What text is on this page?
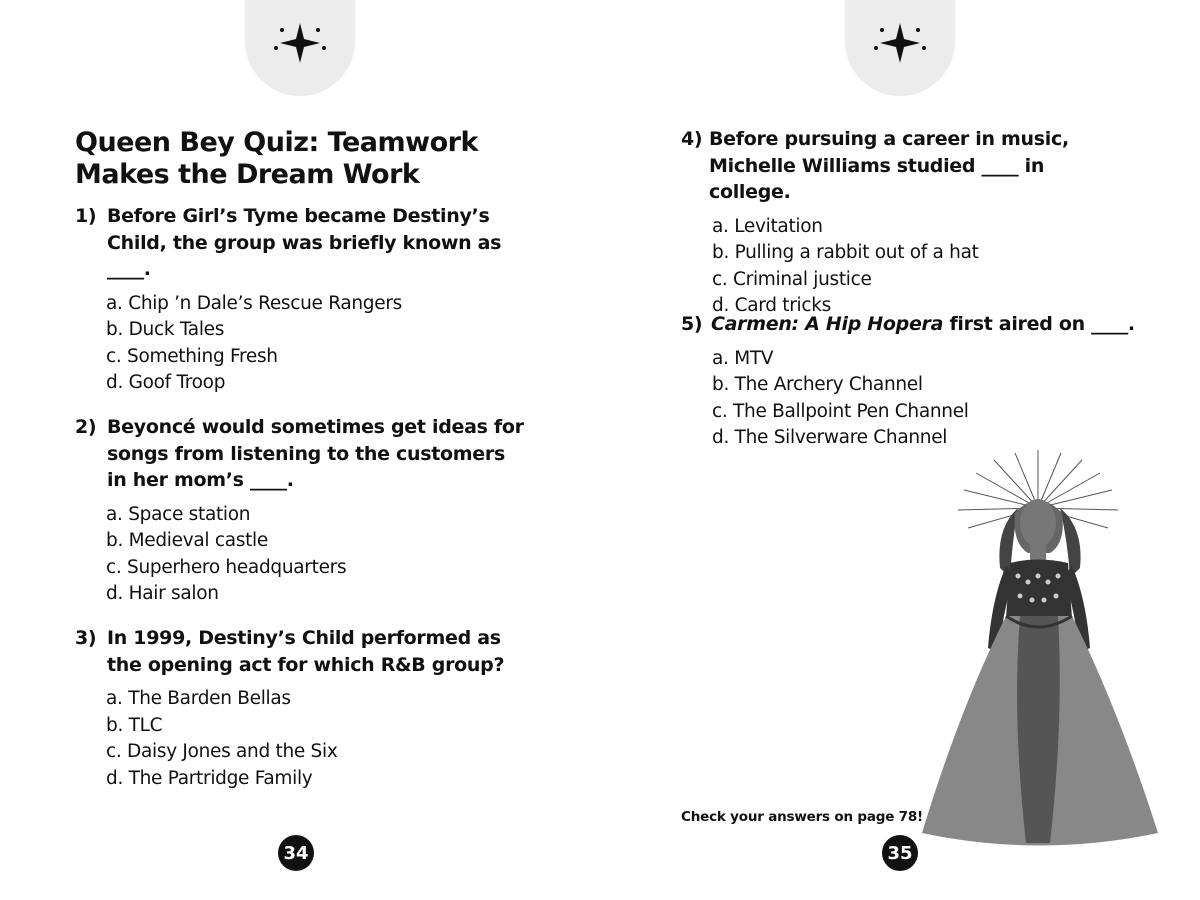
Queen Bey Quiz: Teamwork Makes the Dream Work
1) Before Girl’s Tyme became Destiny’s Child, the group was briefly known as ____.
a. Chip ’n Dale’s Rescue Rangers
b. Duck Tales
c. Something Fresh
d. Goof Troop
2) Beyoncé would sometimes get ideas for songs from listening to the customers in her mom’s ____.
a. Space station
b. Medieval castle
c. Superhero headquarters
d. Hair salon
3) In 1999, Destiny’s Child performed as the opening act for which R&B group?
a. The Barden Bellas
b. TLC
c. Daisy Jones and the Six
d. The Partridge Family
34
4) Before pursuing a career in music, Michelle Williams studied ____ in college.
a. Levitation
b. Pulling a rabbit out of a hat
c. Criminal justice
d. Card tricks
5) Carmen: A Hip Hopera first aired on ____.
a. MTV
b. The Archery Channel
c. The Ballpoint Pen Channel
d. The Silverware Channel
Check your answers on page 78!
35
